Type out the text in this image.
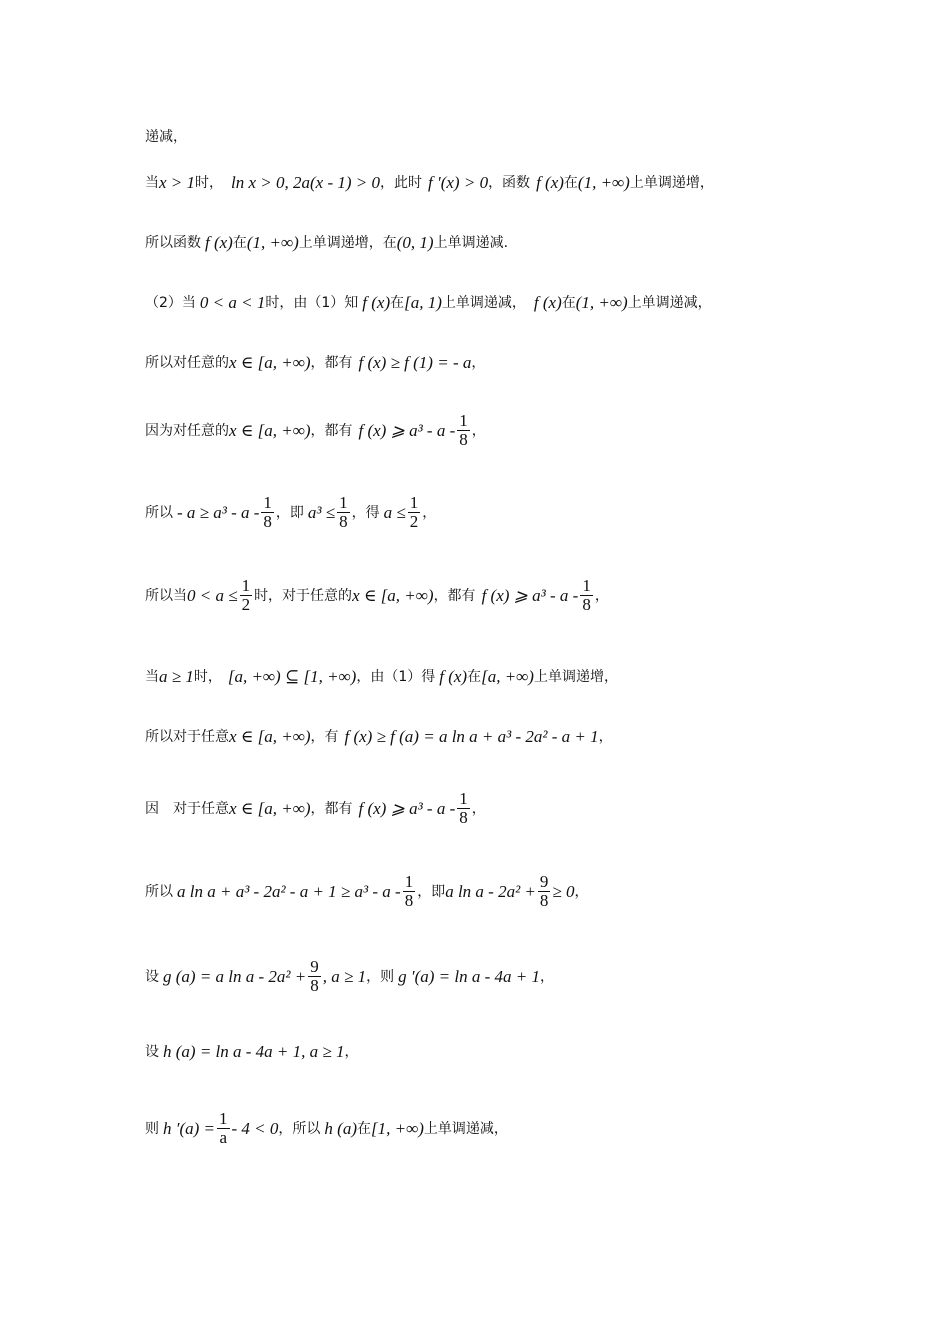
递减，
当 x > 1 时， ln x > 0, 2a(x - 1) > 0 ，此时 f ′(x) > 0 ，函数 f (x) 在 (1, +∞) 上单调递增，
所以函数 f (x) 在 (1, +∞) 上单调递增，在 (0, 1) 上单调递减.
（2）当 0 < a < 1 时，由（1）知 f (x) 在 [a, 1) 上单调递减， f (x) 在 (1, +∞) 上单调递减，
所以对任意的 x ∈ [a, +∞) ，都有 f (x) ≥ f (1) = - a ，
因为对任意的 x ∈ [a, +∞) ，都有 f (x) ⩾ a³ - a - $\frac{1}{8}$ ，
所以 - $a \ge a^3 - a - \frac{1}{8}$ ，即 $a^3 \le \frac{1}{8}$ ，得 $a \le \frac{1}{2}$ ，
所以当 $0 < a \le \frac{1}{2}$ 时，对于任意的 x ∈ [a, +∞) ，都有 f (x) ⩾ a³ - a - $\frac{1}{8}$ ，
当 a ≥ 1 时， [a, +∞) ⊆ [1, +∞) ，由（1）得 f (x) 在 [a, +∞) 上单调递增，
所以对于任意 x ∈ [a, +∞) ，有 f (x) ≥ f (a) = a ln a + a³ - 2a² - a + 1 ，
因　对于任意 x ∈ [a, +∞) ，都有 f (x) ⩾ a³ - a - $\frac{1}{8}$ ，
所以 a $\ln a + a^3 - 2a^2 - a + 1 \ge a^3 - a - \frac{1}{8}$ ，即 a $\ln a - 2a^2 + \frac{9}{8} \ge 0$ ，
设 g (a) = a $\ln a - 2a^2 + \frac{9}{8}$ , a ≥ 1 ，则 g ′(a) = ln a - 4a + 1 ，
设 h (a) = ln a - 4a + 1, a ≥ 1 ，
则 h $'(a) = \frac{1}{a} - 4 < 0$ ，所以 h (a) 在 [1, +∞) 上单调递减，
